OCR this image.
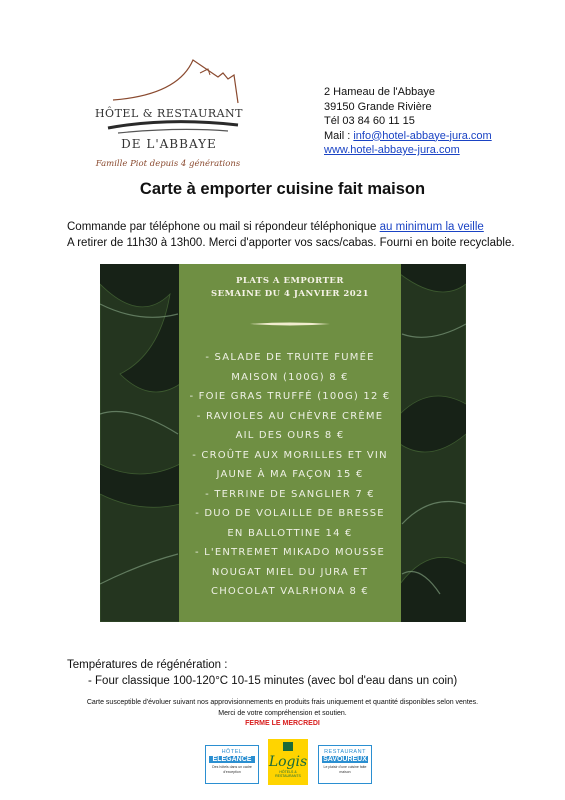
HÔTEL & RESTAURANT
DE L'ABBAYE
Famille Piot depuis 4 générations
2 Hameau de l'Abbaye
39150 Grande Rivière
Tél 03 84 60 11 15
Mail : info@hotel-abbaye-jura.com
www.hotel-abbaye-jura.com
Carte à emporter cuisine fait maison
Commande par téléphone ou mail si répondeur téléphonique au minimum la veille
A retirer de 11h30 à 13h00. Merci d'apporter vos sacs/cabas. Fourni en boite recyclable.
PLATS A EMPORTER
SEMAINE DU 4 JANVIER 2021
- SALADE DE TRUITE FUMÉE
MAISON (100G) 8 €
- FOIE GRAS TRUFFÉ (100G) 12 €
- RAVIOLES AU CHÈVRE CRÈME
AIL DES OURS 8 €
- CROÛTE AUX MORILLES ET VIN
JAUNE À MA FAÇON 15 €
- TERRINE DE SANGLIER 7 €
- DUO DE VOLAILLE DE BRESSE
EN BALLOTTINE 14 €
- L'ENTREMET MIKADO MOUSSE
NOUGAT MIEL DU JURA ET
CHOCOLAT VALRHONA 8 €
Températures de régénération :
- Four classique 100-120°C 10-15 minutes (avec bol d'eau dans un coin)
Carte susceptible d'évoluer suivant nos approvisionnements en produits frais uniquement et quantité disponibles selon ventes.
Merci de votre compréhension et soutien.
FERME LE MERCREDI
HÔTEL
ÉLÉGANCE
Des hôtels dans un cadre d'exception
Logis
HÔTELS & RESTAURANTS
RESTAURANT
SAVOUREUX
Le plaisir d'une cuisine faite maison
